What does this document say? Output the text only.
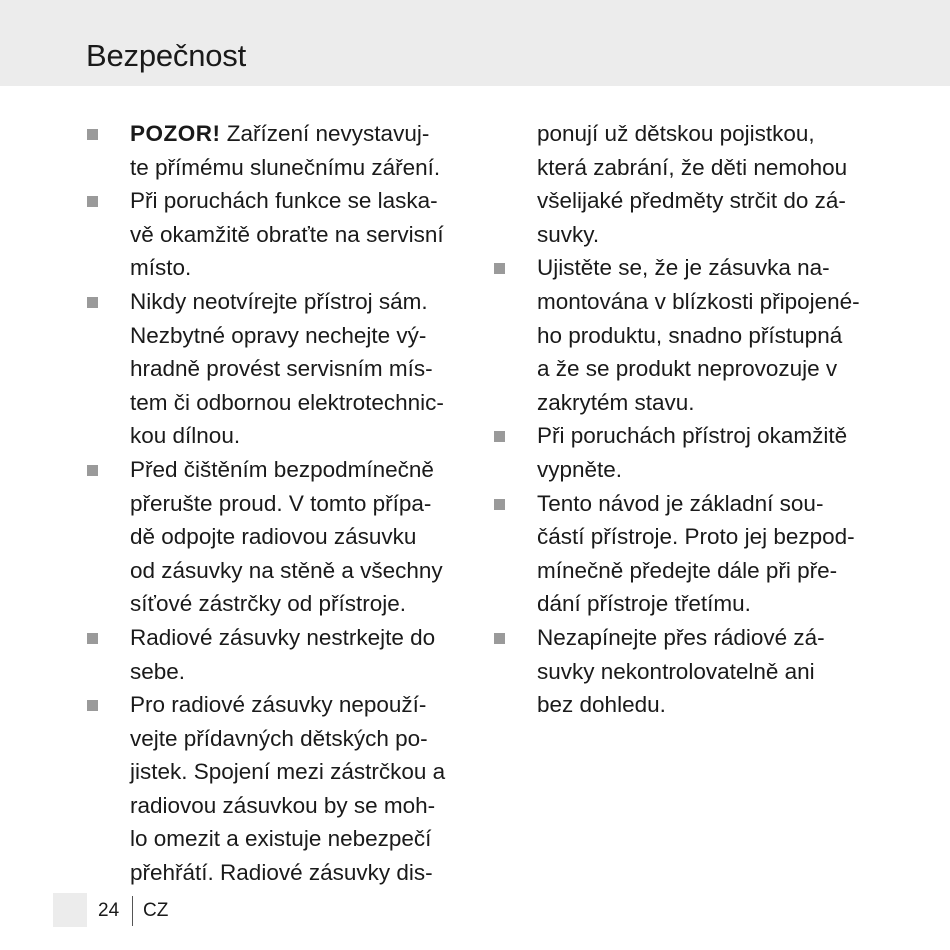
Bezpečnost
POZOR! Zařízení nevystavuj-
te přímému slunečnímu záření.
Při poruchách funkce se laska-
vě okamžitě obraťte na servisní
místo.
Nikdy neotvírejte přístroj sám.
Nezbytné opravy nechejte vý-
hradně provést servisním mís-
tem či odbornou elektrotechnic-
kou dílnou.
Před čištěním bezpodmínečně
přerušte proud. V tomto přípa-
dě odpojte radiovou zásuvku
od zásuvky na stěně a všechny
síťové zástrčky od přístroje.
Radiové zásuvky nestrkejte do
sebe.
Pro radiové zásuvky nepouží-
vejte přídavných dětských po-
jistek. Spojení mezi zástrčkou a
radiovou zásuvkou by se moh-
lo omezit a existuje nebezpečí
přehřátí. Radiové zásuvky dis-
ponují už dětskou pojistkou,
která zabrání, že děti nemohou
všelijaké předměty strčit do zá-
suvky.
Ujistěte se, že je zásuvka na-
montována v blízkosti připojené-
ho produktu, snadno přístupná
a že se produkt neprovozuje v
zakrytém stavu.
Při poruchách přístroj okamžitě
vypněte.
Tento návod je základní sou-
částí přístroje. Proto jej bezpod-
mínečně předejte dále při pře-
dání přístroje třetímu.
Nezapínejte přes rádiové zá-
suvky nekontrolovatelně ani
bez dohledu.
24 CZ
